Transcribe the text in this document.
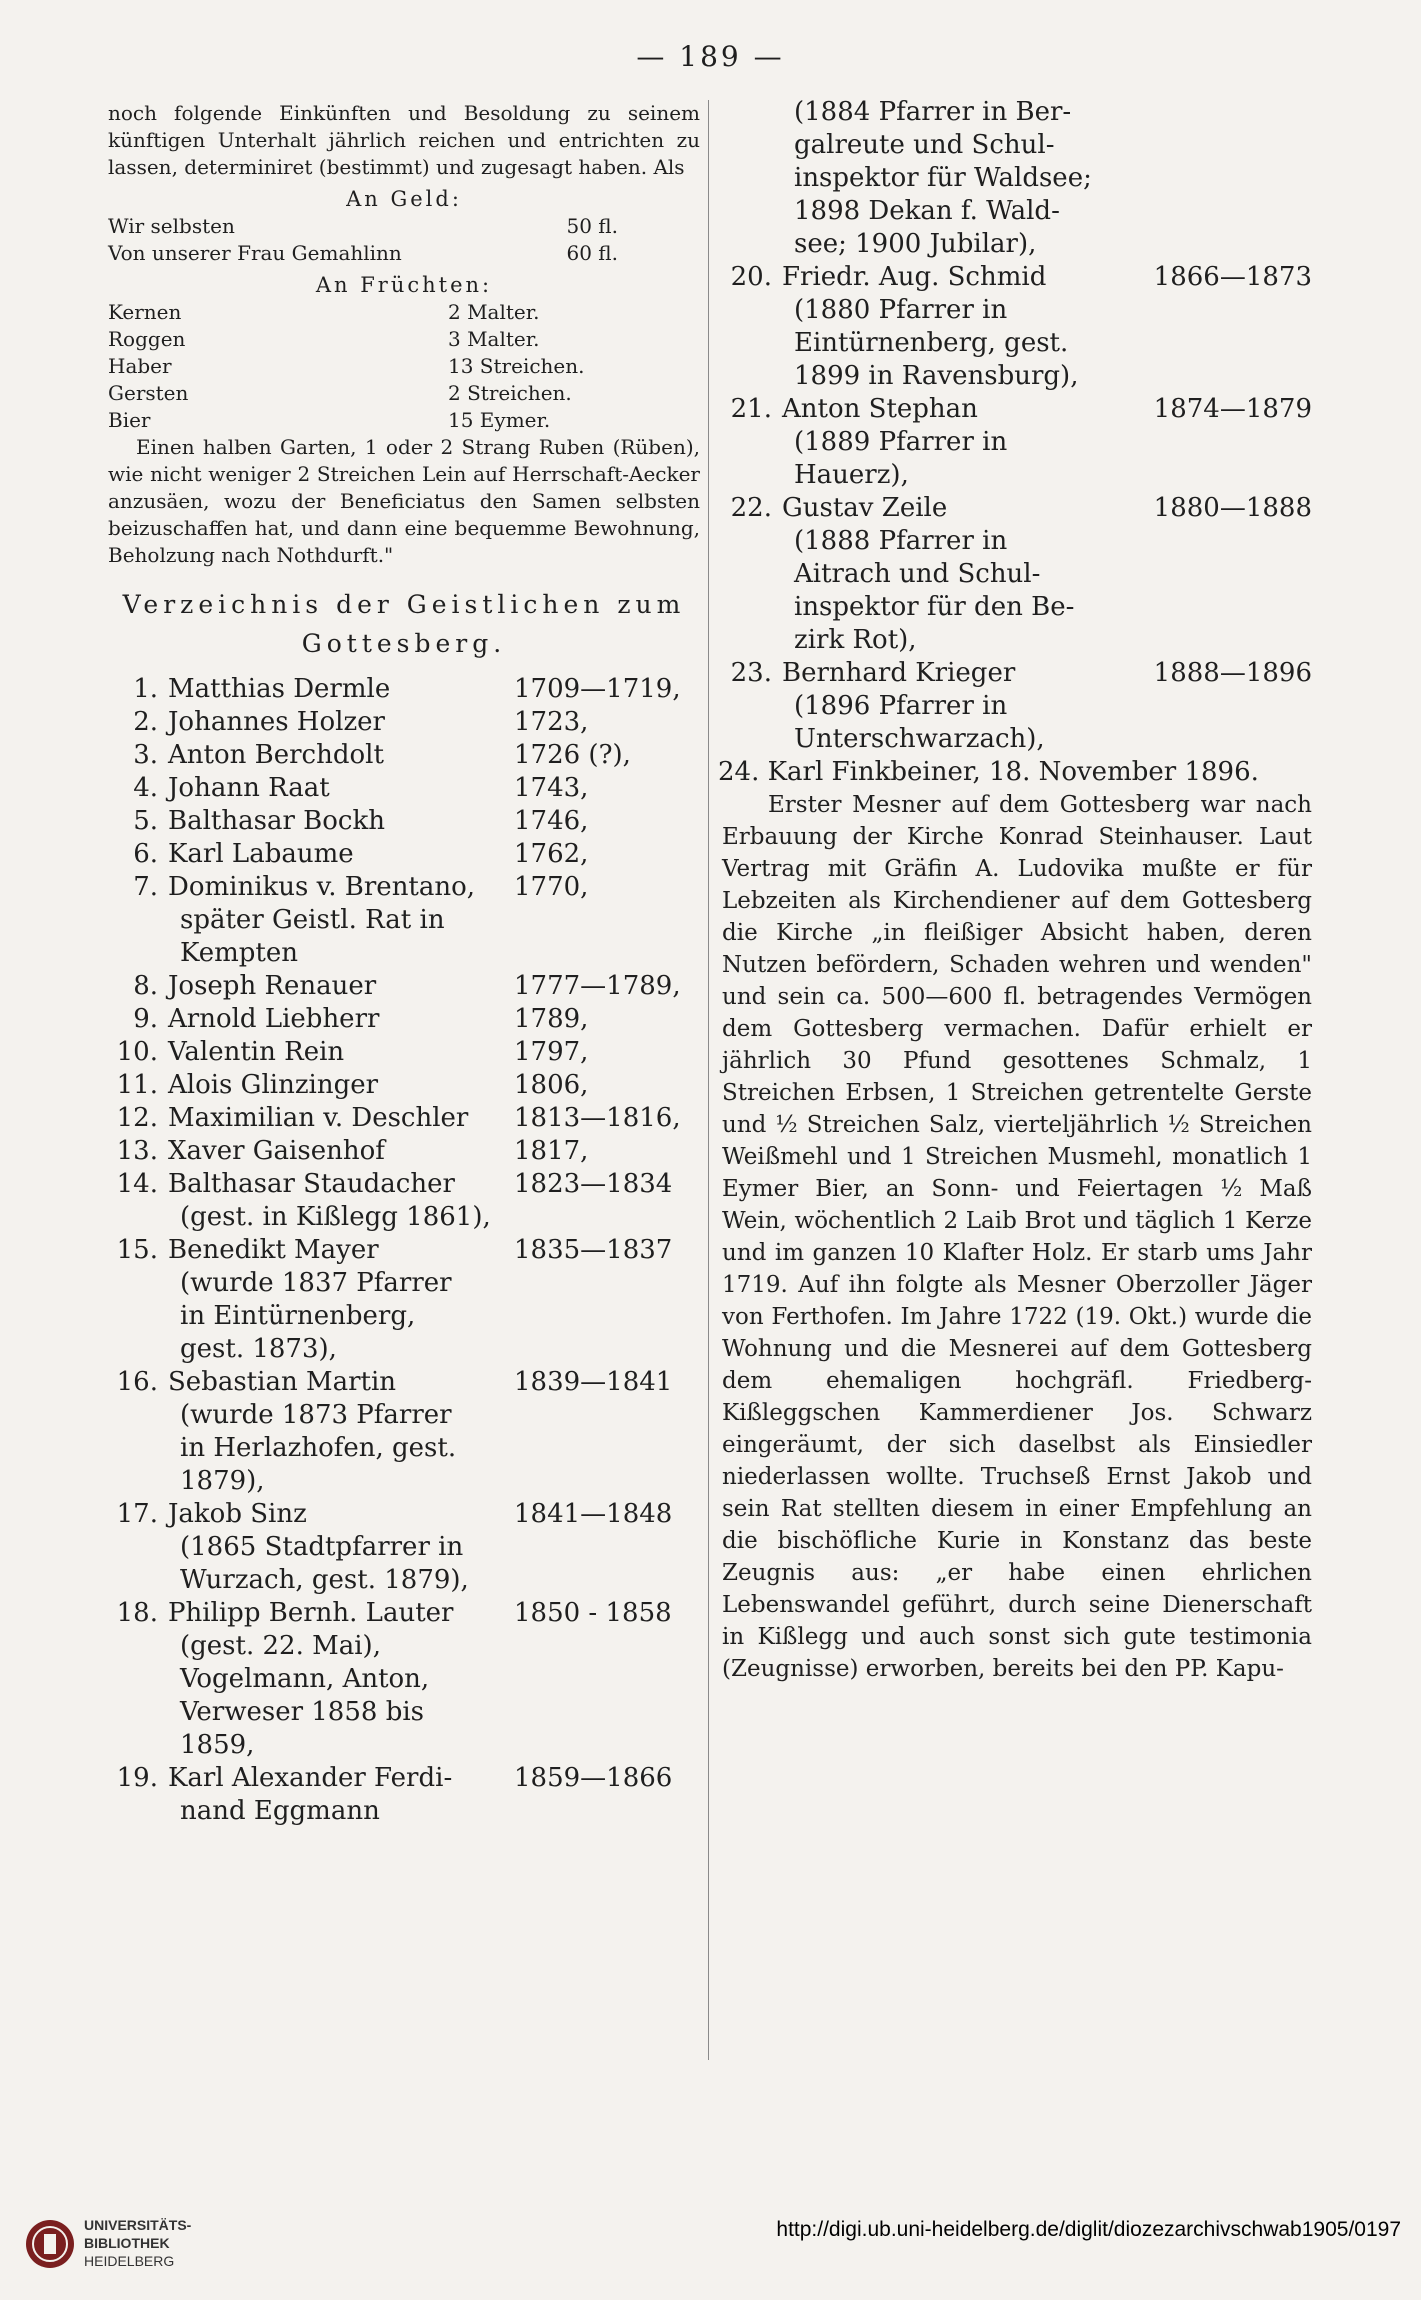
— 189 —

noch folgende Einkünften und Besoldung zu seinem künftigen Unterhalt jährlich reichen und entrichten zu lassen, determiniret (bestimmt) und zugesagt haben. Als

An Geld:
Wir selbsten	50 fl.
Von unserer Frau Gemahlinn	60 fl.
An Früchten:
Kernen	2 Malter.
Roggen	3 Malter.
Haber	13 Streichen.
Gersten	2 Streichen.
Bier	15 Eymer.

Einen halben Garten, 1 oder 2 Strang Ruben (Rüben), wie nicht weniger 2 Streichen Lein auf Herrschaft-Aecker anzusäen, wozu der Beneficiatus den Samen selbsten beizuschaffen hat, und dann eine bequemme Bewohnung, Beholzung nach Nothdurft."

Verzeichnis der Geistlichen zum Gottesberg.
1. Matthias Dermle	1709—1719,
2. Johannes Holzer	1723,
3. Anton Berchdolt	1726 (?),
4. Johann Raat	1743,
5. Balthasar Bockh	1746,
6. Karl Labaume	1762,
7. Dominikus v. Brentano,
später Geistl. Rat in
Kempten
1770,
8. Joseph Renauer	1777—1789,
9. Arnold Liebherr	1789,
10. Valentin Rein	1797,
11. Alois Glinzinger	1806,
12. Maximilian v. Deschler	1813—1816,
13. Xaver Gaisenhof	1817,
14. Balthasar Staudacher
(gest. in Kißlegg 1861),
1823—1834
15. Benedikt Mayer
(wurde 1837 Pfarrer
in Eintürnenberg,
gest. 1873),
1835—1837
16. Sebastian Martin
(wurde 1873 Pfarrer
in Herlazhofen, gest.
1879),
1839—1841
17. Jakob Sinz
(1865 Stadtpfarrer in
Wurzach, gest. 1879),
1841—1848
18. Philipp Bernh. Lauter
(gest. 22. Mai),
Vogelmann, Anton,
Verweser 1858 bis
1859,
1850 - 1858
19. Karl Alexander Ferdi-
nand Eggmann
1859—1866
(1884 Pfarrer in Ber-
galreute und Schul-
inspektor für Waldsee;
1898 Dekan f. Wald-
see; 1900 Jubilar),
20. Friedr. Aug. Schmid
(1880 Pfarrer in
Eintürnenberg, gest.
1899 in Ravensburg),
1866—1873
21. Anton Stephan
(1889 Pfarrer in
Hauerz),
1874—1879
22. Gustav Zeile
(1888 Pfarrer in
Aitrach und Schul-
inspektor für den Be-
zirk Rot),
1880—1888
23. Bernhard Krieger
(1896 Pfarrer in
Unterschwarzach),
1888—1896
24. Karl Finkbeiner, 18. November 1896.

Erster Mesner auf dem Gottesberg war nach Erbauung der Kirche Konrad Steinhauser. Laut Vertrag mit Gräfin A. Ludovika mußte er für Lebzeiten als Kirchendiener auf dem Gottesberg die Kirche „in fleißiger Absicht haben, deren Nutzen befördern, Schaden wehren und wenden" und sein ca. 500—600 fl. betragendes Vermögen dem Gottesberg vermachen. Dafür erhielt er jährlich 30 Pfund gesottenes Schmalz, 1 Streichen Erbsen, 1 Streichen getrentelte Gerste und ½ Streichen Salz, vierteljährlich ½ Streichen Weißmehl und 1 Streichen Musmehl, monatlich 1 Eymer Bier, an Sonn- und Feiertagen ½ Maß Wein, wöchentlich 2 Laib Brot und täglich 1 Kerze und im ganzen 10 Klafter Holz. Er starb ums Jahr 1719. Auf ihn folgte als Mesner Oberzoller Jäger von Ferthofen. Im Jahre 1722 (19. Okt.) wurde die Wohnung und die Mesnerei auf dem Gottesberg dem ehemaligen hochgräfl. Friedberg-Kißleggschen Kammerdiener Jos. Schwarz eingeräumt, der sich daselbst als Einsiedler niederlassen wollte. Truchseß Ernst Jakob und sein Rat stellten diesem in einer Empfehlung an die bischöfliche Kurie in Konstanz das beste Zeugnis aus: „er habe einen ehrlichen Lebenswandel geführt, durch seine Dienerschaft in Kißlegg und auch sonst sich gute testimonia (Zeugnisse) erworben, bereits bei den PP. Kapu-

UNIVERSITÄTS-
BIBLIOTHEK
HEIDELBERG
http://digi.ub.uni-heidelberg.de/diglit/diozezarchivschwab1905/0197
